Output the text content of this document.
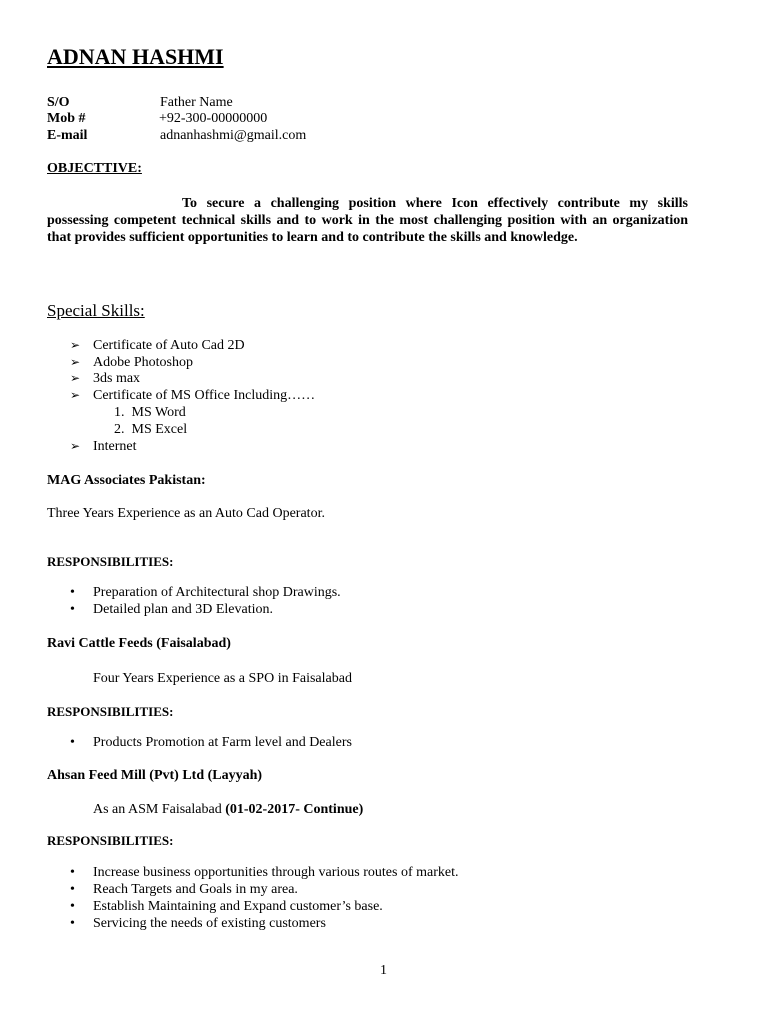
ADNAN HASHMI
S/O	Father Name
Mob #	+92-300-00000000
E-mail	adnanhashmi@gmail.com
OBJECTTIVE:
To secure a challenging position where Icon effectively contribute my skills possessing competent technical skills and to work in the most challenging position with an organization that provides sufficient opportunities to learn and to contribute the skills and knowledge.
Special Skills:
➢ Certificate of Auto Cad 2D
➢ Adobe Photoshop
➢ 3ds max
➢ Certificate of MS Office Including……
1. MS Word
2. MS Excel
➢ Internet
MAG Associates Pakistan:
Three Years Experience as an Auto Cad Operator.
RESPONSIBILITIES:
• Preparation of Architectural shop Drawings.
• Detailed plan and 3D Elevation.
Ravi Cattle Feeds (Faisalabad)
Four Years Experience as a SPO in Faisalabad
RESPONSIBILITIES:
• Products Promotion at Farm level and Dealers
Ahsan Feed Mill (Pvt) Ltd (Layyah)
As an ASM Faisalabad (01-02-2017- Continue)
RESPONSIBILITIES:
• Increase business opportunities through various routes of market.
• Reach Targets and Goals in my area.
• Establish Maintaining and Expand customer’s base.
• Servicing the needs of existing customers
1
